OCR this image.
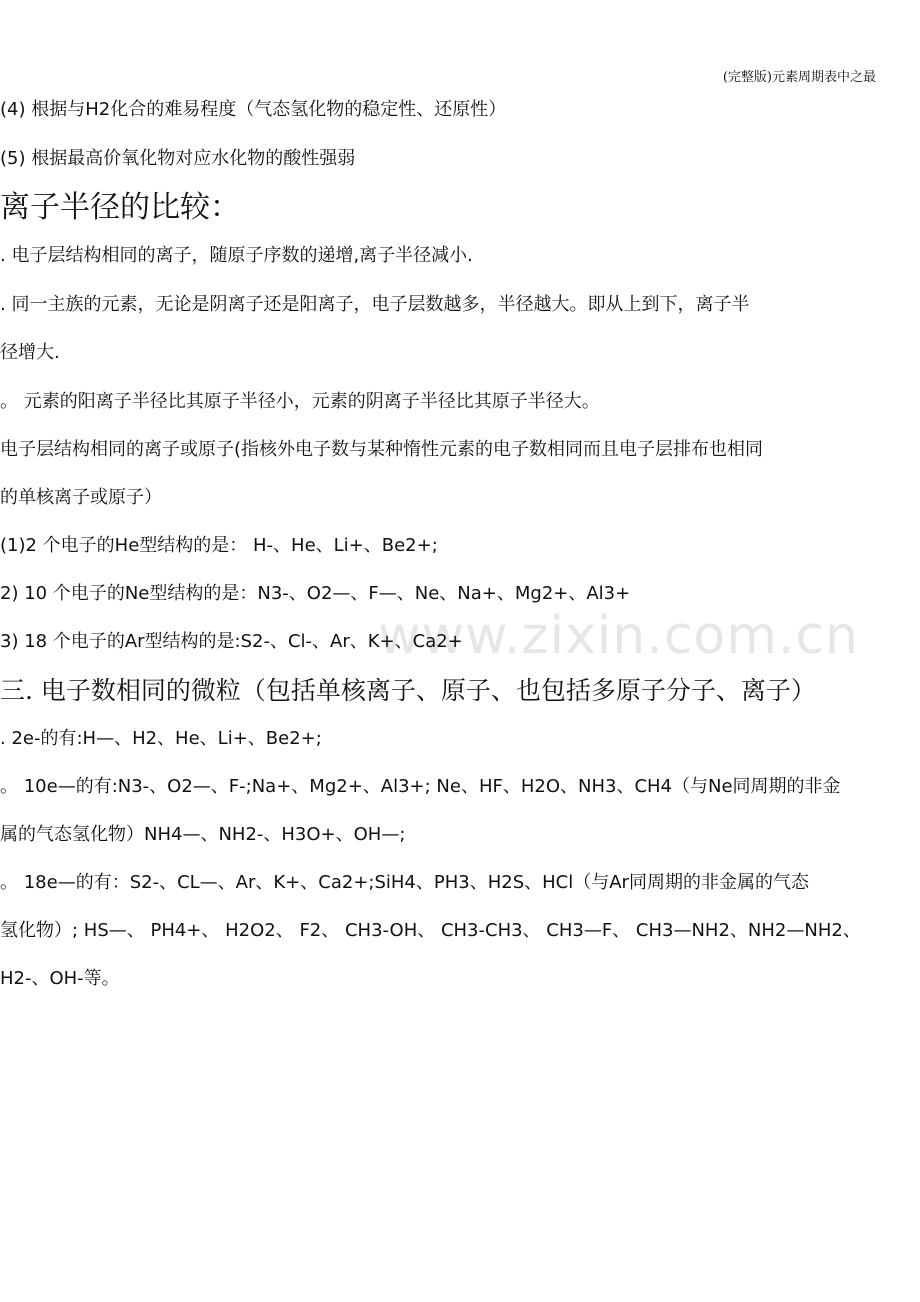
(完整版)元素周期表中之最
www.zixin.com.cn
(4) 根据与H2化合的难易程度（气态氢化物的稳定性、还原性）
(5) 根据最高价氧化物对应水化物的酸性强弱
离子半径的比较：
. 电子层结构相同的离子，随原子序数的递增,离子半径减小.
. 同一主族的元素，无论是阴离子还是阳离子，电子层数越多，半径越大。即从上到下，离子半
径增大.
。 元素的阳离子半径比其原子半径小，元素的阴离子半径比其原子半径大。
电子层结构相同的离子或原子(指核外电子数与某种惰性元素的电子数相同而且电子层排布也相同
的单核离子或原子）
(1)2 个电子的He型结构的是： H-、He、Li+、Be2+;
2) 10 个电子的Ne型结构的是：N3-、O2—、F—、Ne、Na+、Mg2+、Al3+
3) 18 个电子的Ar型结构的是:S2-、Cl-、Ar、K+、Ca2+
三. 电子数相同的微粒（包括单核离子、原子、也包括多原子分子、离子）
. 2e-的有:H—、H2、He、Li+、Be2+;
。 10e—的有:N3-、O2—、F-;Na+、Mg2+、Al3+; Ne、HF、H2O、NH3、CH4（与Ne同周期的非金
属的气态氢化物）NH4—、NH2-、H3O+、OH—;
。 18e—的有：S2-、CL—、Ar、K+、Ca2+;SiH4、PH3、H2S、HCl（与Ar同周期的非金属的气态
氢化物）; HS—、 PH4+、 H2O2、 F2、 CH3-OH、 CH3-CH3、 CH3—F、 CH3—NH2、NH2—NH2、
H2-、OH-等。
